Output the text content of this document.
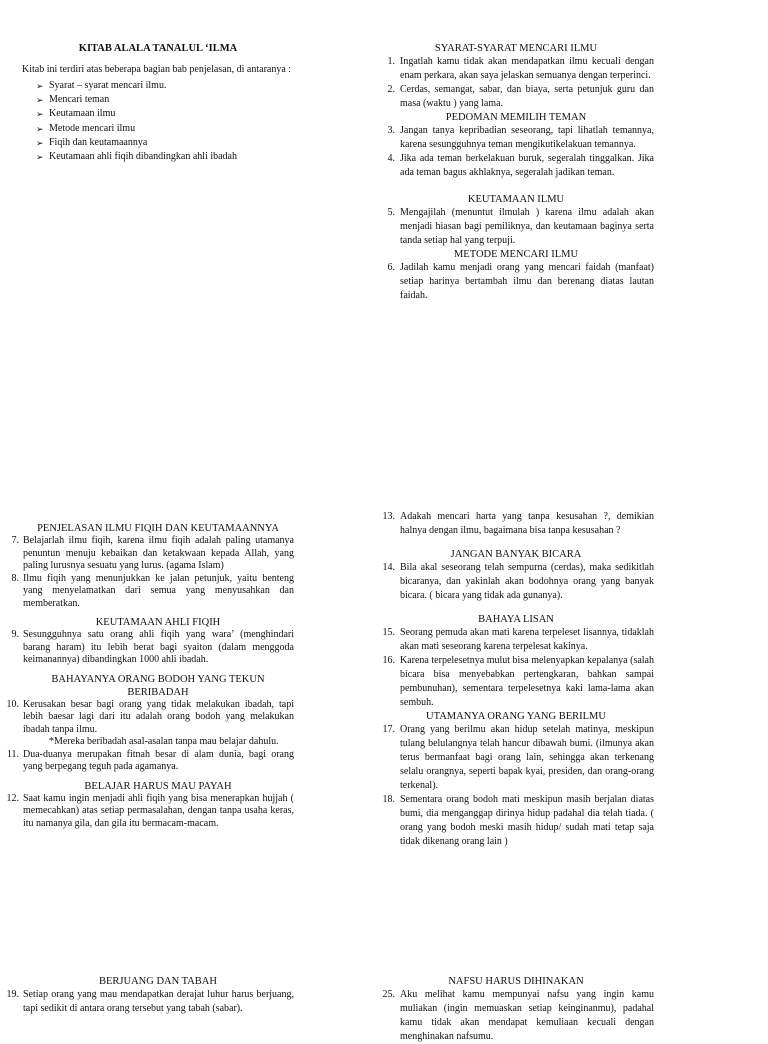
KITAB ALALA TANALUL ‘ILMA

Kitab ini terdiri atas beberapa bagian bab penjelasan, di antaranya :

➢ Syarat – syarat mencari ilmu.
➢ Mencari teman
➢ Keutamaan ilmu
➢ Metode mencari ilmu
➢ Fiqih dan keutamaannya
➢ Keutamaan ahli fiqih dibandingkan ahli ibadah
SYARAT-SYARAT MENCARI ILMU
1. Ingatlah kamu tidak akan mendapatkan ilmu kecuali dengan enam perkara, akan saya jelaskan semuanya dengan terperinci.
2. Cerdas, semangat, sabar, dan biaya, serta petunjuk guru dan masa (waktu ) yang lama.
PEDOMAN MEMILIH TEMAN
3. Jangan tanya kepribadian seseorang, tapi lihatlah temannya, karena sesungguhnya teman mengikutikelakuan temannya.
4. Jika ada teman berkelakuan buruk, segeralah tinggalkan. Jika ada teman bagus akhlaknya, segeralah jadikan teman.
KEUTAMAAN ILMU
5. Mengajilah (menuntut ilmulah ) karena ilmu adalah akan menjadi hiasan bagi pemiliknya, dan keutamaan baginya serta tanda setiap hal yang terpuji.
METODE MENCARI ILMU
6. Jadilah kamu menjadi orang yang mencari faidah (manfaat) setiap harinya bertambah ilmu dan berenang diatas lautan faidah.
PENJELASAN ILMU FIQIH DAN KEUTAMAANNYA
7. Belajarlah ilmu fiqih, karena ilmu fiqih adalah paling utamanya penuntun menuju kebaikan dan ketakwaan kepada Allah, yang paling lurusnya sesuatu yang lurus. (agama Islam)
8. Ilmu fiqih yang menunjukkan ke jalan petunjuk, yaitu benteng yang menyelamatkan dari semua yang menyusahkan dan memberatkan.
KEUTAMAAN AHLI FIQIH
9. Sesungguhnya satu orang ahli fiqih yang wara’ (menghindari barang haram) itu lebih berat bagi syaiton (dalam menggoda keimanannya) dibandingkan 1000 ahli ibadah.
BAHAYANYA ORANG BODOH YANG TEKUN BERIBADAH
10. Kerusakan besar bagi orang yang tidak melakukan ibadah, tapi lebih baesar lagi dari itu adalah orang bodoh yang melakukan ibadah tanpa ilmu.

*Mereka beribadah asal-asalan tanpa mau belajar dahulu.

11. Dua-duanya merupakan fitnah besar di alam dunia, bagi orang yang berpegang teguh pada agamanya.
BELAJAR HARUS MAU PAYAH
12. Saat kamu ingin menjadi ahli fiqih yang bisa menerapkan hujjah ( memecahkan) atas setiap permasalahan, dengan tanpa usaha keras, itu namanya gila, dan gila itu bermacam-macam.
13. Adakah mencari harta yang tanpa kesusahan ?, demikian halnya dengan ilmu, bagaimana bisa tanpa kesusahan ?
JANGAN BANYAK BICARA
14. Bila akal seseorang telah sempurna (cerdas), maka sedikitlah bicaranya, dan yakinlah akan bodohnya orang yang banyak bicara. ( bicara yang tidak ada gunanya).
BAHAYA LISAN
15. Seorang pemuda akan mati karena terpeleset lisannya, tidaklah akan mati seseorang karena terpelesat kakinya.
16. Karena terpelesetnya mulut bisa melenyapkan kepalanya (salah bicara bisa menyebabkan pertengkaran, bahkan sampai pembunuhan), sementara terpelesetnya kaki lama-lama akan sembuh.
UTAMANYA ORANG YANG BERILMU
17. Orang yang berilmu akan hidup setelah matinya, meskipun tulang belulangnya telah hancur dibawah bumi. (ilmunya akan terus bermanfaat bagi orang lain, sehingga akan terkenang selalu orangnya, seperti bapak kyai, presiden, dan orang-orang terkenal).
18. Sementara orang bodoh mati meskipun masih berjalan diatas bumi, dia menganggap dirinya hidup padahal dia telah tiada. ( orang yang bodoh meski masih hidup/ sudah mati tetap saja tidak dikenang orang lain )
BERJUANG DAN TABAH
19. Setiap orang yang mau mendapatkan derajat luhur harus berjuang, tapi sedikit di antara orang tersebut yang tabah (sabar).
NAFSU HARUS DIHINAKAN
25. Aku melihat kamu mempunyai nafsu yang ingin kamu muliakan (ingin memuaskan setiap keinginanmu), padahal kamu tidak akan mendapat kemuliaan kecuali dengan menghinakan nafsumu.
